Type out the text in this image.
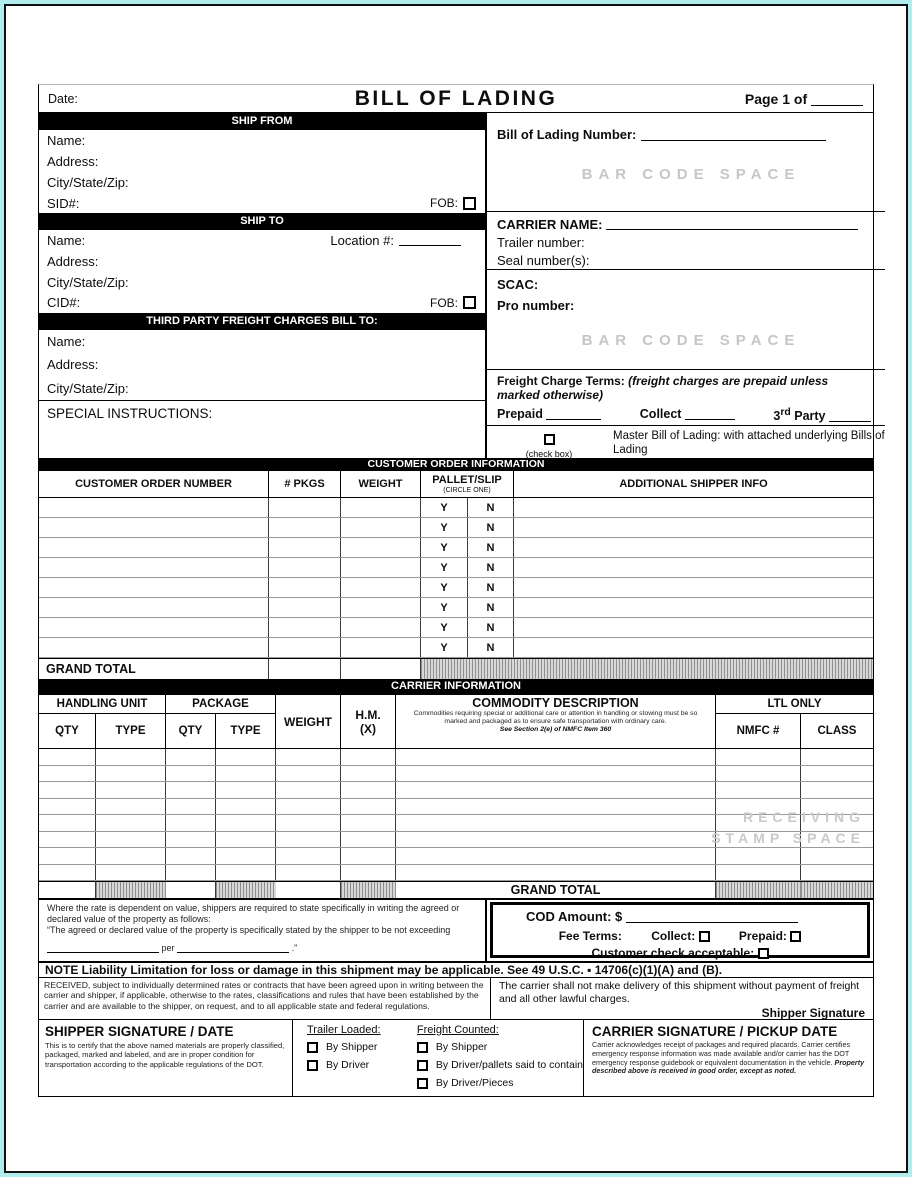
Date:	BILL OF LADING	Page 1 of
SHIP FROM
Name:
Address:
City/State/Zip:
SID#:	FOB:
SHIP TO
Name:	Location #:
Address:
City/State/Zip:
CID#:	FOB:
THIRD PARTY FREIGHT CHARGES BILL TO:
Name:
Address:
City/State/Zip:
SPECIAL INSTRUCTIONS:
Bill of Lading Number:
BAR CODE SPACE
CARRIER NAME:

Trailer number:
Seal number(s):
SCAC:
Pro number:
BAR CODE SPACE
Freight Charge Terms: (freight charges are prepaid unless marked otherwise)
Prepaid	Collect	3rd Party
(check box)
Master Bill of Lading: with attached underlying Bills of Lading
CUSTOMER ORDER INFORMATION
CUSTOMER ORDER NUMBER	# PKGS	WEIGHT	PALLET/SLIP
(CIRCLE ONE)
ADDITIONAL SHIPPER INFO
Y	N
Y	N
Y	N
Y	N
Y	N
Y	N
Y	N
Y	N
GRAND TOTAL
CARRIER INFORMATION
HANDLING UNIT
QTY	TYPE
PACKAGE
QTY	TYPE
WEIGHT	H.M.
(X)
COMMODITY DESCRIPTION
Commodities requiring special or additional care or attention in handling or stowing must be so marked and packaged as to ensure safe transportation with ordinary care.
See Section 2(e) of NMFC Item 360
LTL ONLY
NMFC #	CLASS
RECEIVING
STAMP SPACE
GRAND TOTAL
Where the rate is dependent on value, shippers are required to state specifically in writing the agreed or declared value of the property as follows:
“The agreed or declared value of the property is specifically stated by the shipper to be not exceeding
per	.”
COD Amount: $
Fee Terms: Collect:	Prepaid:
Customer check acceptable:
NOTE Liability Limitation for loss or damage in this shipment may be applicable. See 49 U.S.C. ▪ 14706(c)(1)(A) and (B).
RECEIVED, subject to individually determined rates or contracts that have been agreed upon in writing between the carrier and shipper, if applicable, otherwise to the rates, classifications and rules that have been established by the carrier and are available to the shipper, on request, and to all applicable state and federal regulations.
The carrier shall not make delivery of this shipment without payment of freight and all other lawful charges.
Shipper Signature
SHIPPER SIGNATURE / DATE
This is to certify that the above named materials are properly classified, packaged, marked and labeled, and are in proper condition for transportation according to the applicable regulations of the DOT.
Trailer Loaded:
By Shipper
By Driver
Freight Counted:
By Shipper
By Driver/pallets said to contain
By Driver/Pieces
CARRIER SIGNATURE / PICKUP DATE
Carrier acknowledges receipt of packages and required placards. Carrier certifies emergency response information was made available and/or carrier has the DOT emergency response guidebook or equivalent documentation in the vehicle. Property described above is received in good order, except as noted.
